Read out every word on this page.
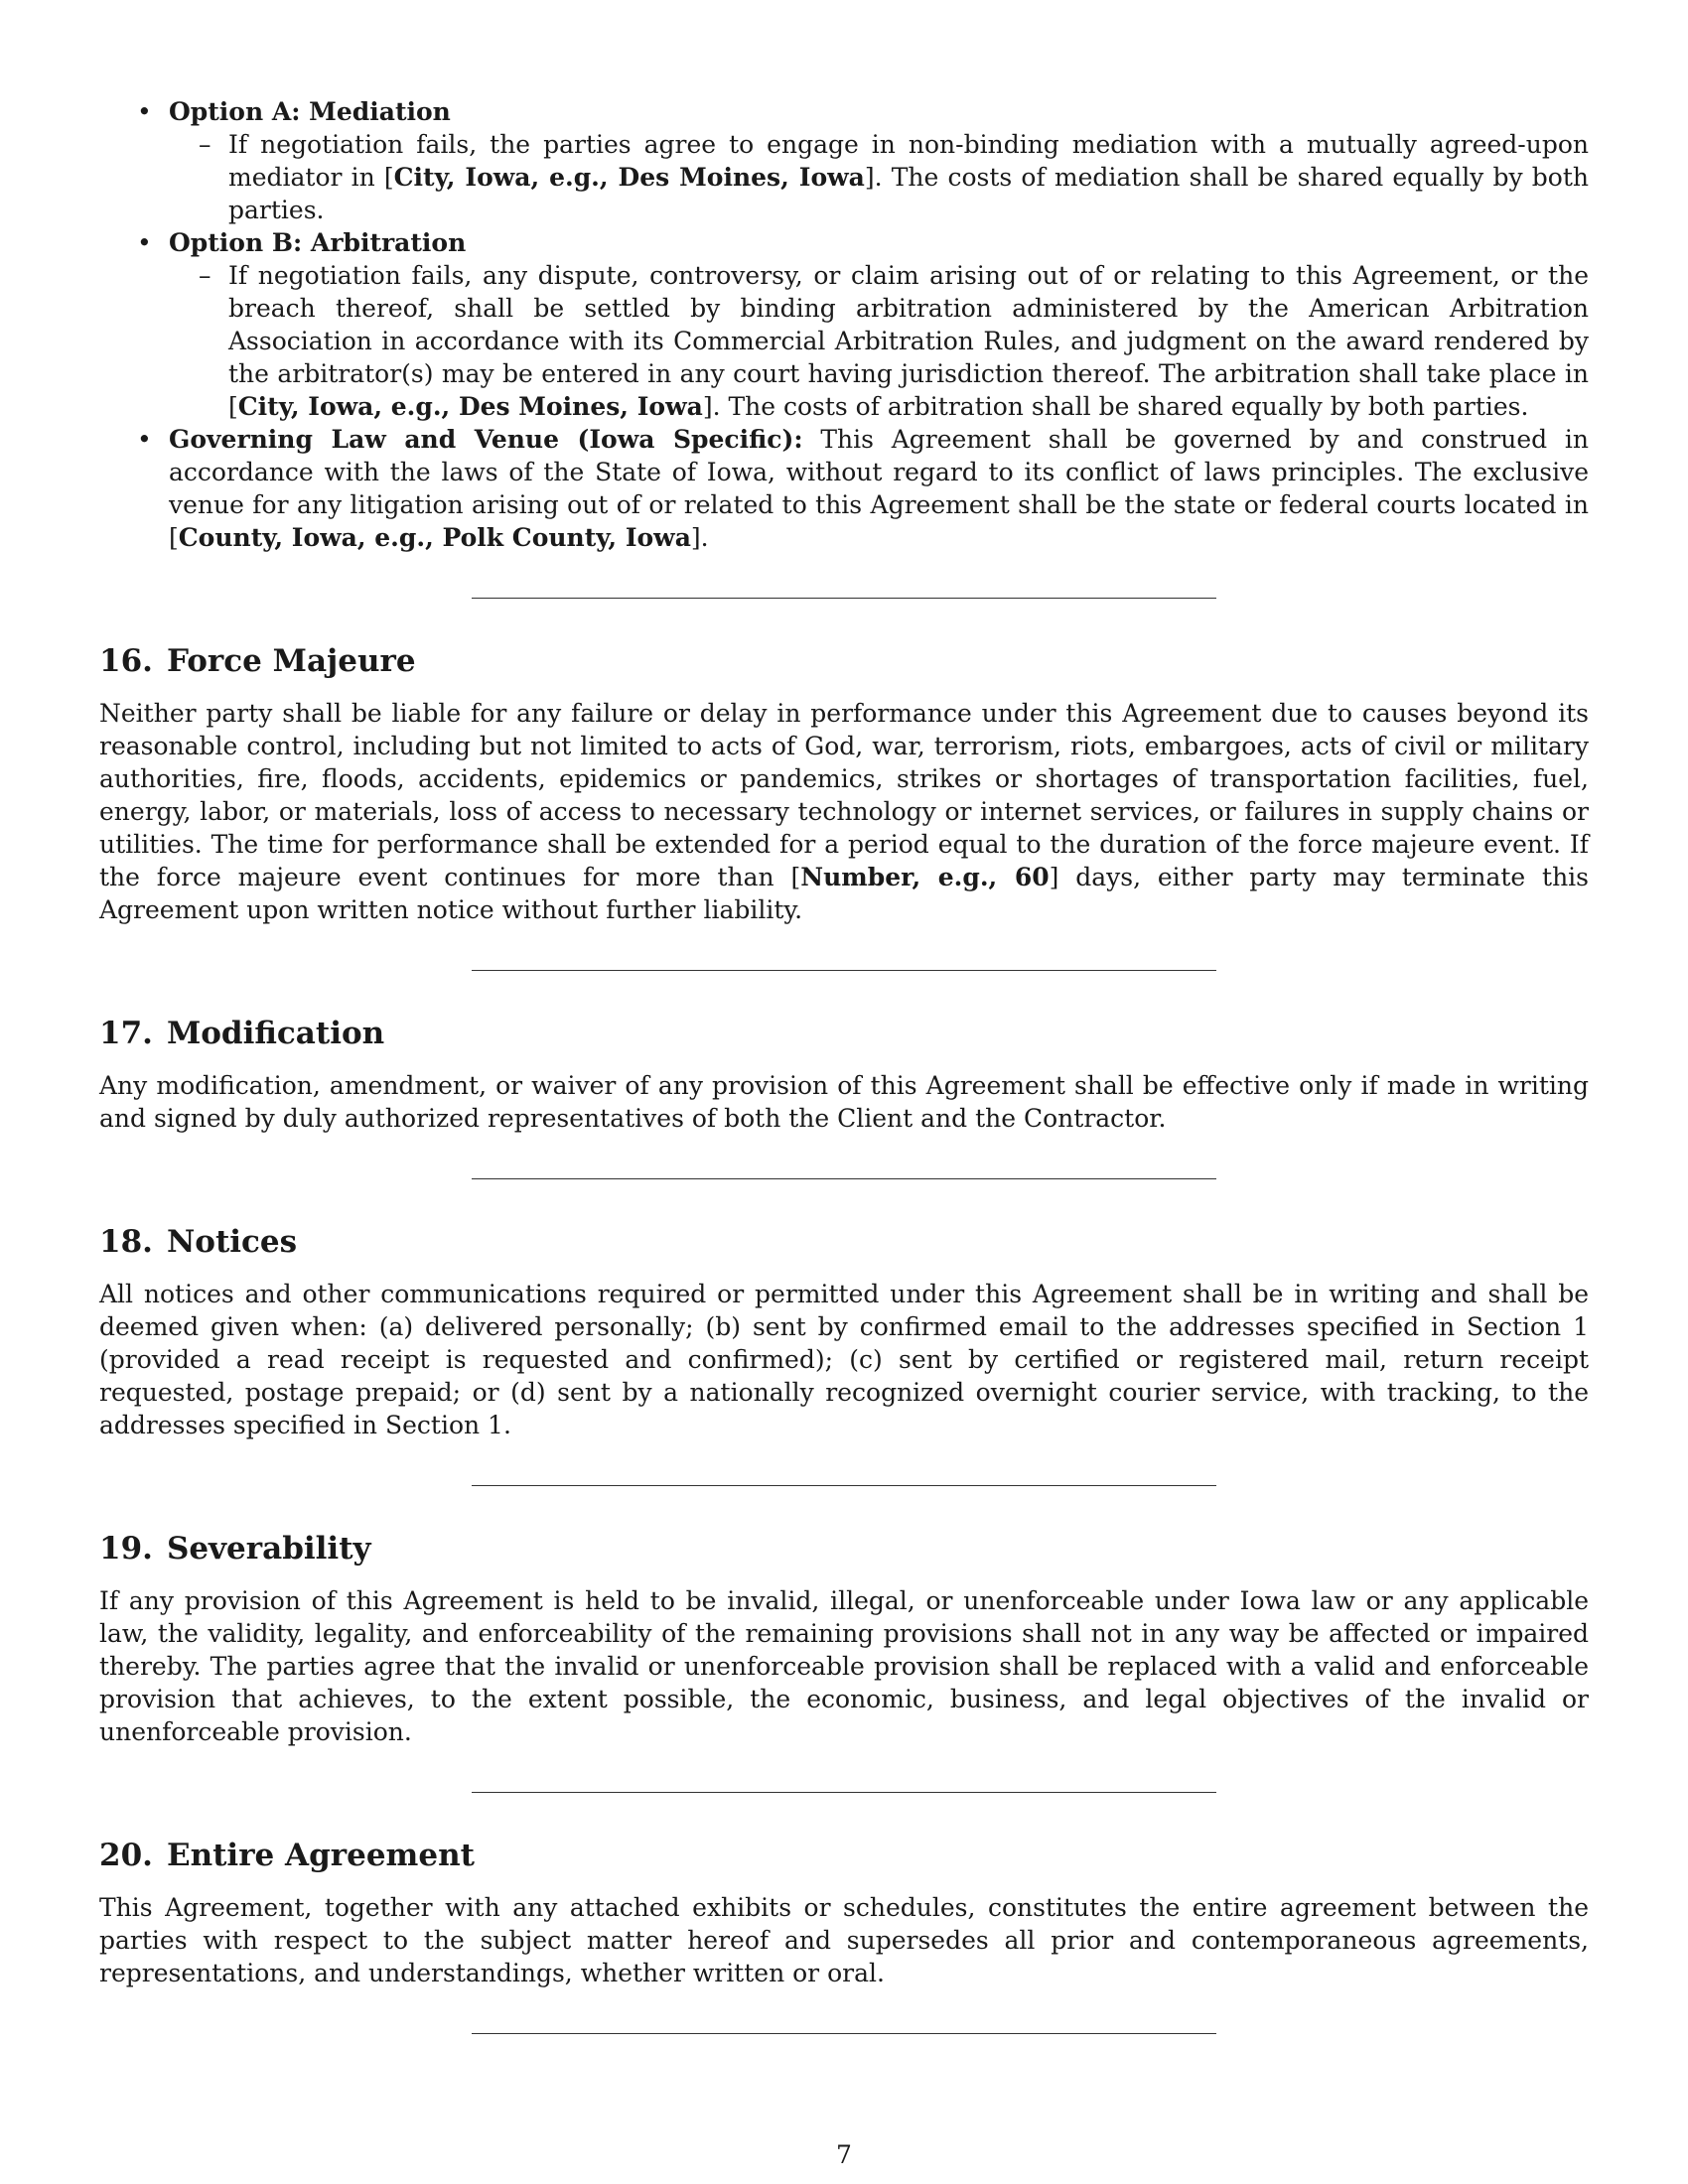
• Option A: Mediation

– If negotiation fails, the parties agree to engage in non-binding mediation with a mutually agreed-upon mediator in [City, Iowa, e.g., Des Moines, Iowa]. The costs of mediation shall be shared equally by both parties.

• Option B: Arbitration

– If negotiation fails, any dispute, controversy, or claim arising out of or relating to this Agreement, or the breach thereof, shall be settled by binding arbitration administered by the American Arbitration Association in accordance with its Commercial Arbitration Rules, and judgment on the award rendered by the arbitrator(s) may be entered in any court having jurisdiction thereof. The arbitration shall take place in [City, Iowa, e.g., Des Moines, Iowa]. The costs of arbitration shall be shared equally by both parties.

• Governing Law and Venue (Iowa Specific): This Agreement shall be governed by and construed in accordance with the laws of the State of Iowa, without regard to its conflict of laws principles. The exclusive venue for any litigation arising out of or related to this Agreement shall be the state or federal courts located in [County, Iowa, e.g., Polk County, Iowa].

16. Force Majeure

Neither party shall be liable for any failure or delay in performance under this Agreement due to causes beyond its reasonable control, including but not limited to acts of God, war, terrorism, riots, embargoes, acts of civil or military authorities, fire, floods, accidents, epidemics or pandemics, strikes or shortages of transportation facilities, fuel, energy, labor, or materials, loss of access to necessary technology or internet services, or failures in supply chains or utilities. The time for performance shall be extended for a period equal to the duration of the force majeure event. If the force majeure event continues for more than [Number, e.g., 60] days, either party may terminate this Agreement upon written notice without further liability.

17. Modification

Any modification, amendment, or waiver of any provision of this Agreement shall be effective only if made in writing and signed by duly authorized representatives of both the Client and the Contractor.

18. Notices

All notices and other communications required or permitted under this Agreement shall be in writing and shall be deemed given when: (a) delivered personally; (b) sent by confirmed email to the addresses specified in Section 1 (provided a read receipt is requested and confirmed); (c) sent by certified or registered mail, return receipt requested, postage prepaid; or (d) sent by a nationally recognized overnight courier service, with tracking, to the addresses specified in Section 1.

19. Severability

If any provision of this Agreement is held to be invalid, illegal, or unenforceable under Iowa law or any applicable law, the validity, legality, and enforceability of the remaining provisions shall not in any way be affected or impaired thereby. The parties agree that the invalid or unenforceable provision shall be replaced with a valid and enforceable provision that achieves, to the extent possible, the economic, business, and legal objectives of the invalid or unenforceable provision.

20. Entire Agreement

This Agreement, together with any attached exhibits or schedules, constitutes the entire agreement between the parties with respect to the subject matter hereof and supersedes all prior and contemporaneous agreements, representations, and understandings, whether written or oral.

7
